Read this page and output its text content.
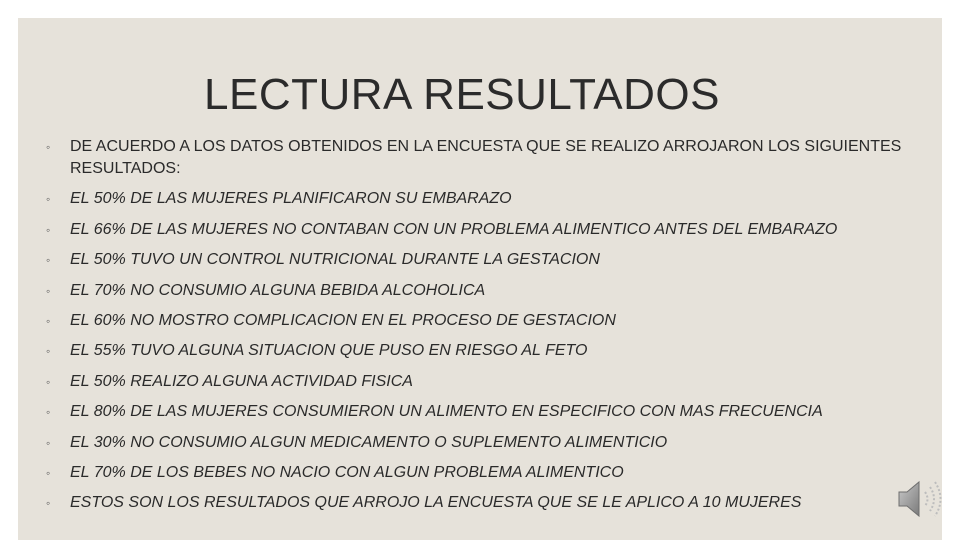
LECTURA RESULTADOS
◦ DE ACUERDO A LOS DATOS OBTENIDOS EN LA ENCUESTA QUE SE REALIZO ARROJARON LOS SIGUIENTES RESULTADOS:
◦ EL 50% DE LAS MUJERES PLANIFICARON SU EMBARAZO
◦ EL 66% DE LAS MUJERES NO CONTABAN CON UN PROBLEMA ALIMENTICO ANTES DEL EMBARAZO
◦ EL 50% TUVO UN CONTROL NUTRICIONAL DURANTE LA GESTACION
◦ EL 70% NO CONSUMIO ALGUNA BEBIDA ALCOHOLICA
◦ EL 60% NO MOSTRO COMPLICACION EN EL PROCESO DE GESTACION
◦ EL 55% TUVO ALGUNA SITUACION QUE PUSO EN RIESGO AL FETO
◦ EL 50% REALIZO ALGUNA ACTIVIDAD FISICA
◦ EL 80% DE LAS MUJERES CONSUMIERON UN ALIMENTO EN ESPECIFICO CON MAS FRECUENCIA
◦ EL 30% NO CONSUMIO ALGUN MEDICAMENTO O SUPLEMENTO ALIMENTICIO
◦ EL 70% DE LOS BEBES NO NACIO CON ALGUN PROBLEMA ALIMENTICO
◦ ESTOS SON LOS RESULTADOS QUE ARROJO LA ENCUESTA QUE SE LE APLICO A 10 MUJERES
